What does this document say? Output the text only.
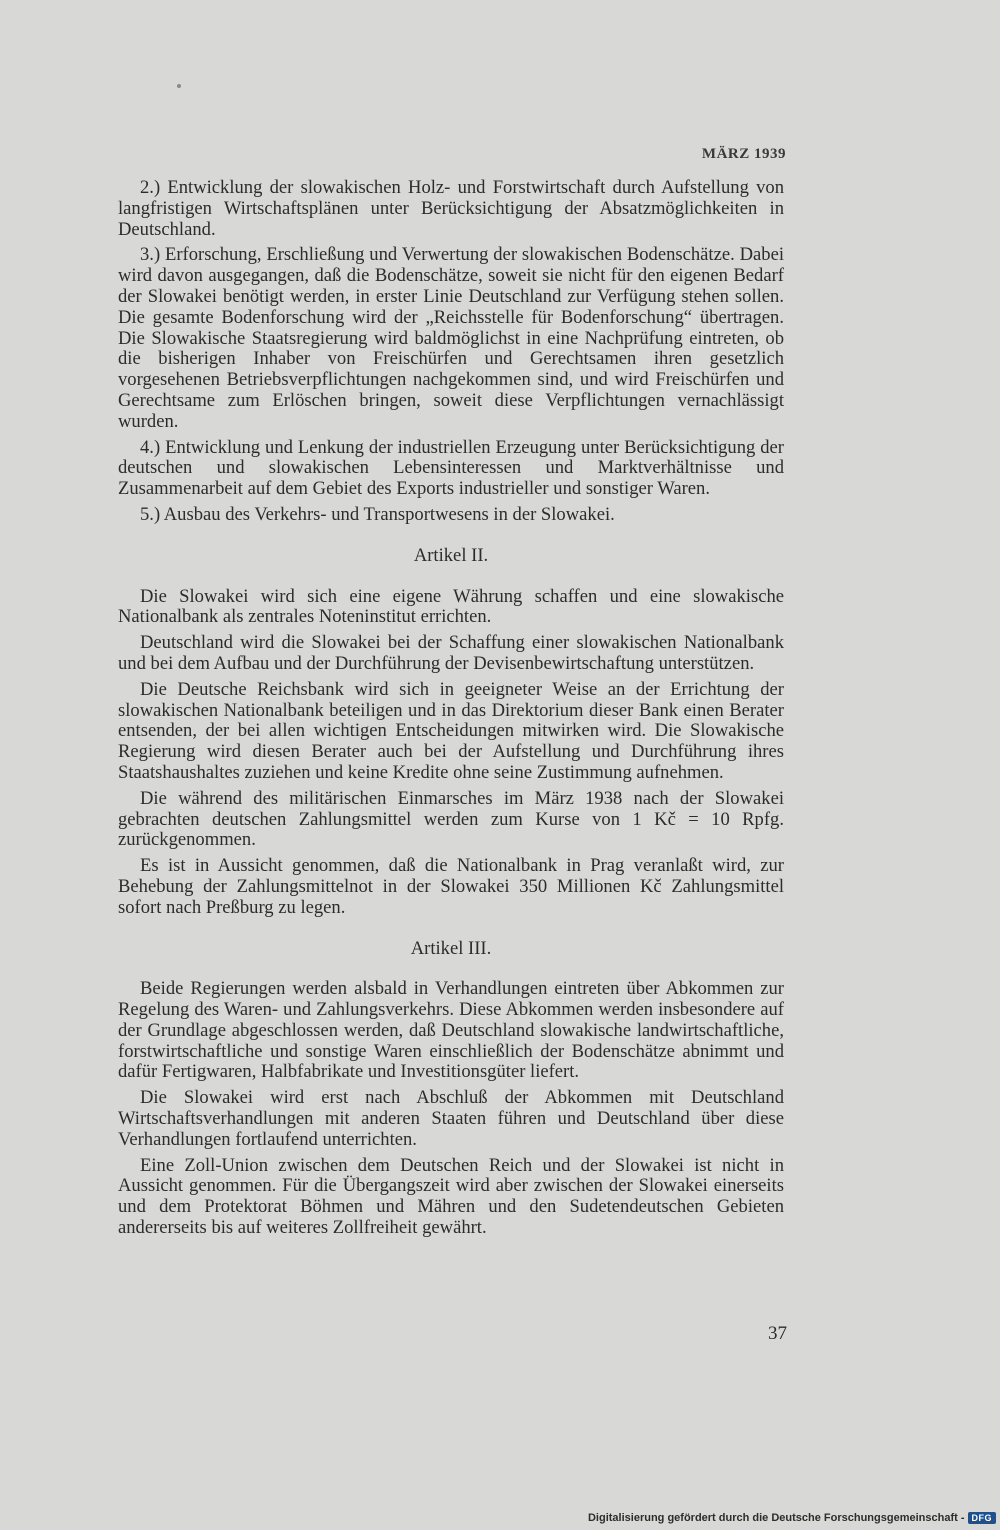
MÄRZ 1939

2.) Entwicklung der slowakischen Holz- und Forstwirtschaft durch Aufstellung von langfristigen Wirtschaftsplänen unter Berücksichtigung der Absatzmöglichkeiten in Deutschland.

3.) Erforschung, Erschließung und Verwertung der slowakischen Bodenschätze. Dabei wird davon ausgegangen, daß die Bodenschätze, soweit sie nicht für den eigenen Bedarf der Slowakei benötigt werden, in erster Linie Deutschland zur Verfügung stehen sollen. Die gesamte Bodenforschung wird der „Reichsstelle für Bodenforschung“ übertragen. Die Slowakische Staatsregierung wird baldmöglichst in eine Nachprüfung eintreten, ob die bisherigen Inhaber von Freischürfen und Gerechtsamen ihren gesetzlich vorgesehenen Betriebsverpflichtungen nachgekommen sind, und wird Freischürfen und Gerechtsame zum Erlöschen bringen, soweit diese Verpflichtungen vernachlässigt wurden.

4.) Entwicklung und Lenkung der industriellen Erzeugung unter Berücksichtigung der deutschen und slowakischen Lebensinteressen und Marktverhältnisse und Zusammenarbeit auf dem Gebiet des Exports industrieller und sonstiger Waren.

5.) Ausbau des Verkehrs- und Transportwesens in der Slowakei.

Artikel II.

Die Slowakei wird sich eine eigene Währung schaffen und eine slowakische Nationalbank als zentrales Noteninstitut errichten.

Deutschland wird die Slowakei bei der Schaffung einer slowakischen Nationalbank und bei dem Aufbau und der Durchführung der Devisenbewirtschaftung unterstützen.

Die Deutsche Reichsbank wird sich in geeigneter Weise an der Errichtung der slowakischen Nationalbank beteiligen und in das Direktorium dieser Bank einen Berater entsenden, der bei allen wichtigen Entscheidungen mitwirken wird. Die Slowakische Regierung wird diesen Berater auch bei der Aufstellung und Durchführung ihres Staatshaushaltes zuziehen und keine Kredite ohne seine Zustimmung aufnehmen.

Die während des militärischen Einmarsches im März 1938 nach der Slowakei gebrachten deutschen Zahlungsmittel werden zum Kurse von 1 Kč = 10 Rpfg. zurückgenommen.

Es ist in Aussicht genommen, daß die Nationalbank in Prag veranlaßt wird, zur Behebung der Zahlungsmittelnot in der Slowakei 350 Millionen Kč Zahlungsmittel sofort nach Preßburg zu legen.

Artikel III.

Beide Regierungen werden alsbald in Verhandlungen eintreten über Abkommen zur Regelung des Waren- und Zahlungsverkehrs. Diese Abkommen werden insbesondere auf der Grundlage abgeschlossen werden, daß Deutschland slowakische landwirtschaftliche, forstwirtschaftliche und sonstige Waren einschließlich der Bodenschätze abnimmt und dafür Fertigwaren, Halbfabrikate und Investitionsgüter liefert.

Die Slowakei wird erst nach Abschluß der Abkommen mit Deutschland Wirtschaftsverhandlungen mit anderen Staaten führen und Deutschland über diese Verhandlungen fortlaufend unterrichten.

Eine Zoll-Union zwischen dem Deutschen Reich und der Slowakei ist nicht in Aussicht genommen. Für die Übergangszeit wird aber zwischen der Slowakei einerseits und dem Protektorat Böhmen und Mähren und den Sudetendeutschen Gebieten andererseits bis auf weiteres Zollfreiheit gewährt.

37
Digitalisierung gefördert durch die Deutsche Forschungsgemeinschaft - DFG
